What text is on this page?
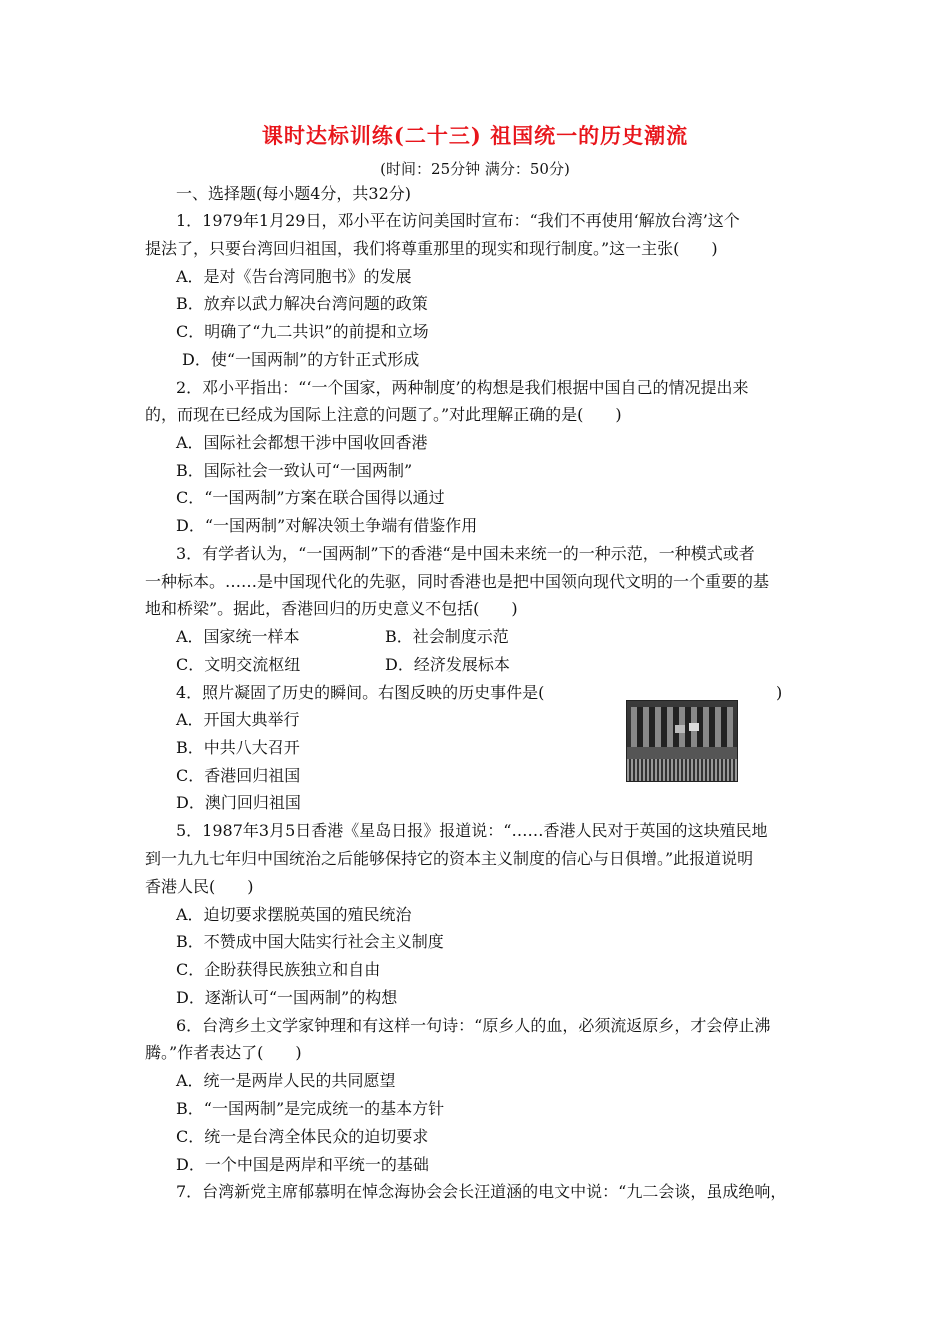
课时达标训练(二十三) 祖国统一的历史潮流
(时间：25分钟 满分：50分)
一、选择题(每小题4分，共32分)
1．1979年1月29日，邓小平在访问美国时宣布：“我们不再使用‘解放台湾’这个
提法了，只要台湾回归祖国，我们将尊重那里的现实和现行制度。”这一主张(　　)
A．是对《告台湾同胞书》的发展
B．放弃以武力解决台湾问题的政策
C．明确了“九二共识”的前提和立场
D．使“一国两制”的方针正式形成
2．邓小平指出：“‘一个国家，两种制度’的构想是我们根据中国自己的情况提出来
的，而现在已经成为国际上注意的问题了。”对此理解正确的是(　　)
A．国际社会都想干涉中国收回香港
B．国际社会一致认可“一国两制”
C．“一国两制”方案在联合国得以通过
D．“一国两制”对解决领土争端有借鉴作用
3．有学者认为，“一国两制”下的香港“是中国未来统一的一种示范，一种模式或者
一种标本。……是中国现代化的先驱，同时香港也是把中国领向现代文明的一个重要的基
地和桥梁”。据此，香港回归的历史意义不包括(　　)
A．国家统一样本	B．社会制度示范
C．文明交流枢纽	D．经济发展标本
4．照片凝固了历史的瞬间。右图反映的历史事件是(	)
A．开国大典举行
B．中共八大召开
C．香港回归祖国
D．澳门回归祖国
5．1987年3月5日香港《星岛日报》报道说：“……香港人民对于英国的这块殖民地
到一九九七年归中国统治之后能够保持它的资本主义制度的信心与日俱增。”此报道说明
香港人民(　　)
A．迫切要求摆脱英国的殖民统治
B．不赞成中国大陆实行社会主义制度
C．企盼获得民族独立和自由
D．逐渐认可“一国两制”的构想
6．台湾乡土文学家钟理和有这样一句诗：“原乡人的血，必须流返原乡，才会停止沸
腾。”作者表达了(　　)
A．统一是两岸人民的共同愿望
B．“一国两制”是完成统一的基本方针
C．统一是台湾全体民众的迫切要求
D．一个中国是两岸和平统一的基础
7．台湾新党主席郁慕明在悼念海协会会长汪道涵的电文中说：“九二会谈，虽成绝响，
